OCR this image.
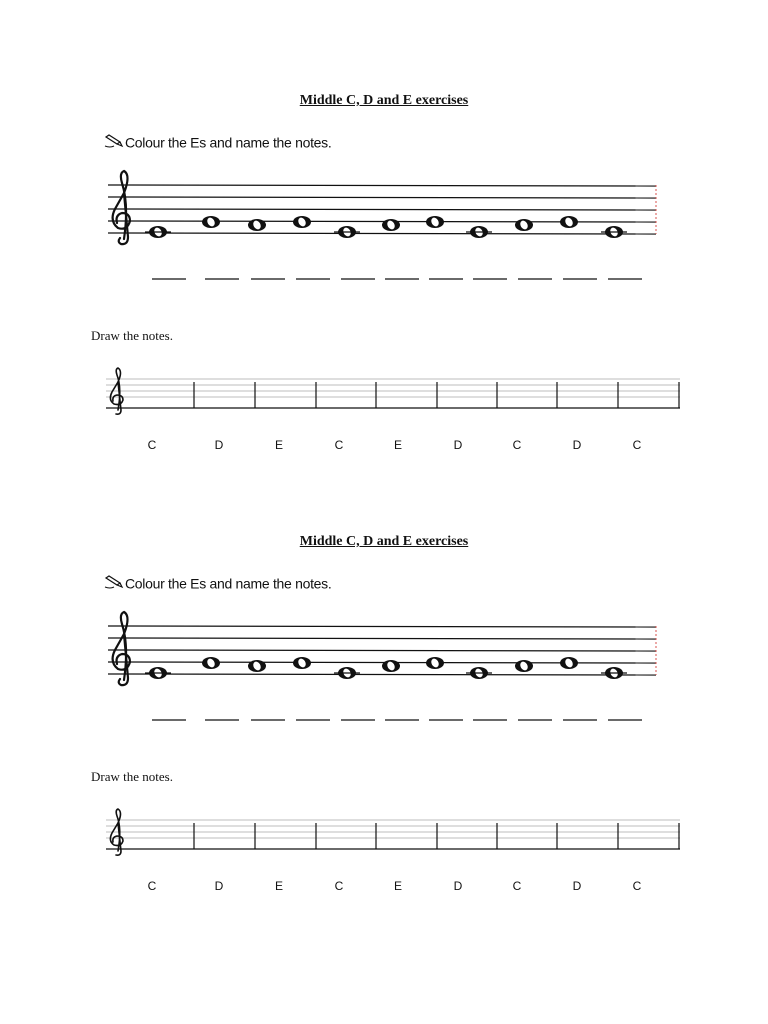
Middle C, D and E exercises
Colour the Es and name the notes.
Draw the notes.
C	D	E	C	E	D	C	D	C
Middle C, D and E exercises
Colour the Es and name the notes.
Draw the notes.
C	D	E	C	E	D	C	D	C
